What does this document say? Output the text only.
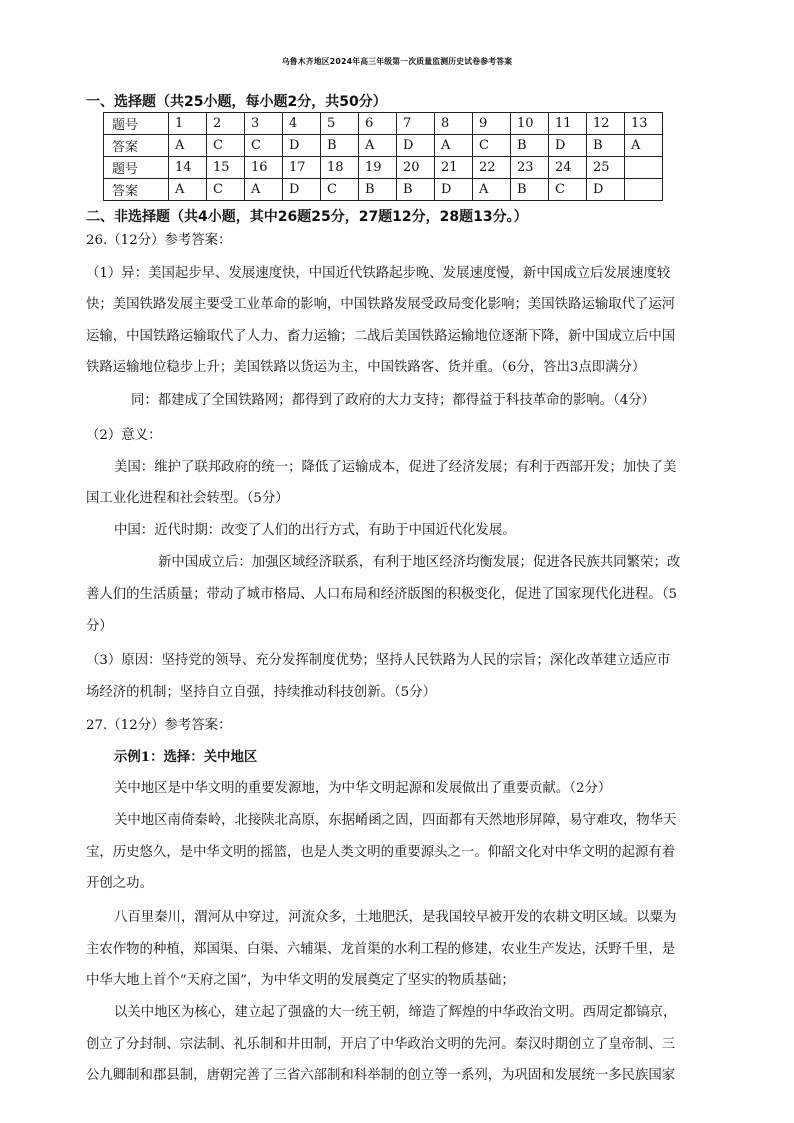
乌鲁木齐地区2024年高三年级第一次质量监测历史试卷参考答案
一、选择题（共25小题，每小题2分，共50分）
题号	1	2	3	4	5	6	7	8	9	10	11	12	13
答案	A	C	C	D	B	A	D	A	C	B	D	B	A
题号	14	15	16	17	18	19	20	21	22	23	24	25	
答案	A	C	A	D	C	B	B	D	A	B	C	D	
二、非选择题（共4小题，其中26题25分，27题12分，28题13分。）
26.（12分）参考答案：
（1）异：美国起步早、发展速度快，中国近代铁路起步晚、发展速度慢，新中国成立后发展速度较
快；美国铁路发展主要受工业革命的影响，中国铁路发展受政局变化影响；美国铁路运输取代了运河
运输，中国铁路运输取代了人力、畜力运输；二战后美国铁路运输地位逐渐下降，新中国成立后中国
铁路运输地位稳步上升；美国铁路以货运为主，中国铁路客、货并重。（6分，答出3点即满分）
同：都建成了全国铁路网；都得到了政府的大力支持；都得益于科技革命的影响。（4分）
（2）意义：
美国：维护了联邦政府的统一；降低了运输成本，促进了经济发展；有利于西部开发；加快了美
国工业化进程和社会转型。（5分）
中国：近代时期：改变了人们的出行方式，有助于中国近代化发展。
新中国成立后：加强区域经济联系，有利于地区经济均衡发展；促进各民族共同繁荣；改
善人们的生活质量；带动了城市格局、人口布局和经济版图的积极变化，促进了国家现代化进程。（5
分）
（3）原因：坚持党的领导、充分发挥制度优势；坚持人民铁路为人民的宗旨；深化改革建立适应市
场经济的机制；坚持自立自强，持续推动科技创新。（5分）
27.（12分）参考答案：
示例1：选择：关中地区
关中地区是中华文明的重要发源地，为中华文明起源和发展做出了重要贡献。（2分）
关中地区南倚秦岭，北接陕北高原，东据崤函之固，四面都有天然地形屏障，易守难攻，物华天
宝，历史悠久，是中华文明的摇篮，也是人类文明的重要源头之一。仰韶文化对中华文明的起源有着
开创之功。
八百里秦川，渭河从中穿过，河流众多，土地肥沃，是我国较早被开发的农耕文明区域。以粟为
主农作物的种植，郑国渠、白渠、六辅渠、龙首渠的水利工程的修建，农业生产发达，沃野千里，是
中华大地上首个“天府之国”，为中华文明的发展奠定了坚实的物质基础；
以关中地区为核心，建立起了强盛的大一统王朝，缔造了辉煌的中华政治文明。西周定都镐京，
创立了分封制、宗法制、礼乐制和井田制，开启了中华政治文明的先河。秦汉时期创立了皇帝制、三
公九卿制和郡县制，唐朝完善了三省六部制和科举制的创立等一系列，为巩固和发展统一多民族国家
